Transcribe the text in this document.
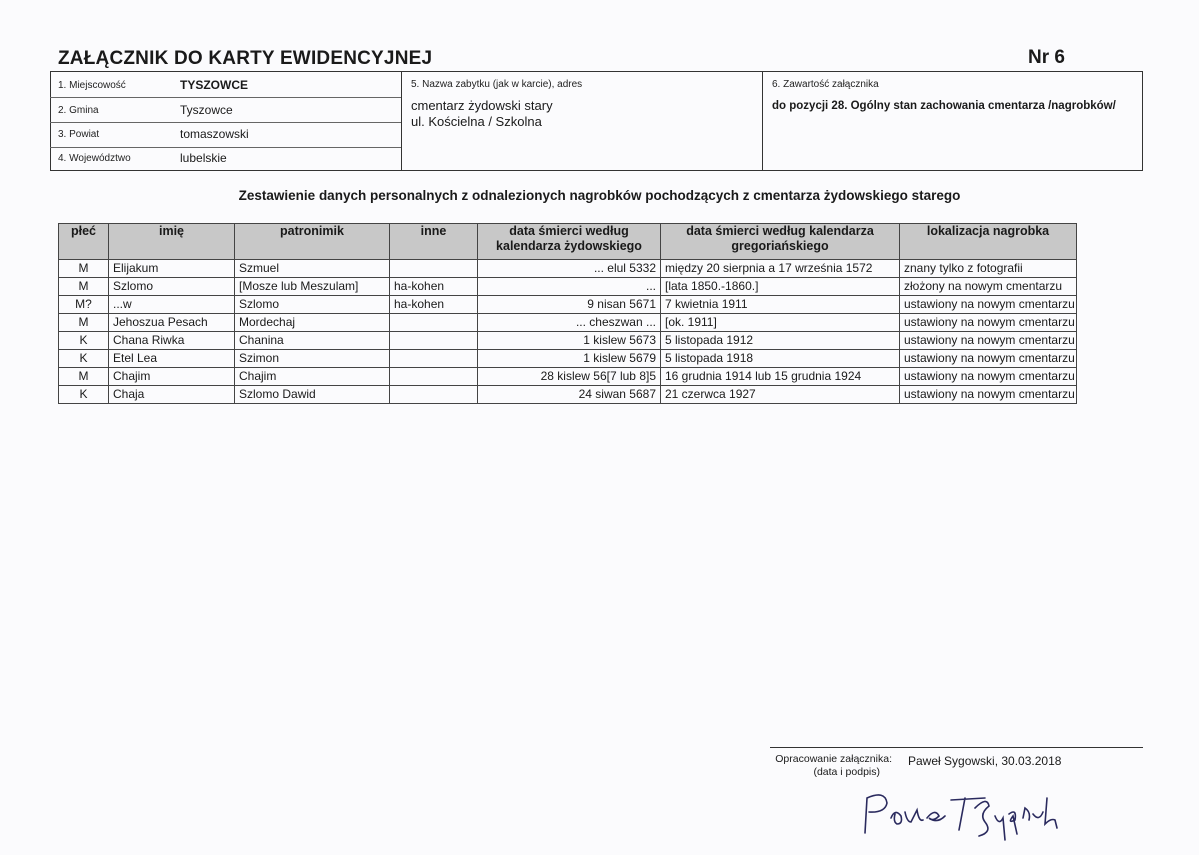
ZAŁĄCZNIK DO KARTY EWIDENCYJNEJ	Nr 6
1. Miejscowość	TYSZOWCE
2. Gmina	Tyszowce
3. Powiat	tomaszowski
4. Województwo	lubelskie
5. Nazwa zabytku (jak w karcie), adres
cmentarz żydowski stary
ul. Kościelna / Szkolna
6. Zawartość załącznika
do pozycji 28. Ogólny stan zachowania cmentarza /nagrobków/
Zestawienie danych personalnych z odnalezionych nagrobków pochodzących z cmentarza żydowskiego starego
płeć	imię	patronimik	inne	data śmierci według kalendarza żydowskiego	data śmierci według kalendarza gregoriańskiego	lokalizacja nagrobka
M	Elijakum	Szmuel		... elul 5332	między 20 sierpnia a 17 września 1572	znany tylko z fotografii
M	Szlomo	[Mosze lub Meszulam]	ha-kohen	...	[lata 1850.-1860.]	złożony na nowym cmentarzu
M?	...w	Szlomo	ha-kohen	9 nisan 5671	7 kwietnia 1911	ustawiony na nowym cmentarzu
M	Jehoszua Pesach	Mordechaj		... cheszwan ...	[ok. 1911]	ustawiony na nowym cmentarzu
K	Chana Riwka	Chanina		1 kislew 5673	5 listopada 1912	ustawiony na nowym cmentarzu
K	Etel Lea	Szimon		1 kislew 5679	5 listopada 1918	ustawiony na nowym cmentarzu
M	Chajim	Chajim		28 kislew 56[7 lub 8]5	16 grudnia 1914 lub 15 grudnia 1924	ustawiony na nowym cmentarzu
K	Chaja	Szlomo Dawid		24 siwan 5687	21 czerwca 1927	ustawiony na nowym cmentarzu
Opracowanie załącznika:
(data i podpis)
Paweł Sygowski, 30.03.2018
